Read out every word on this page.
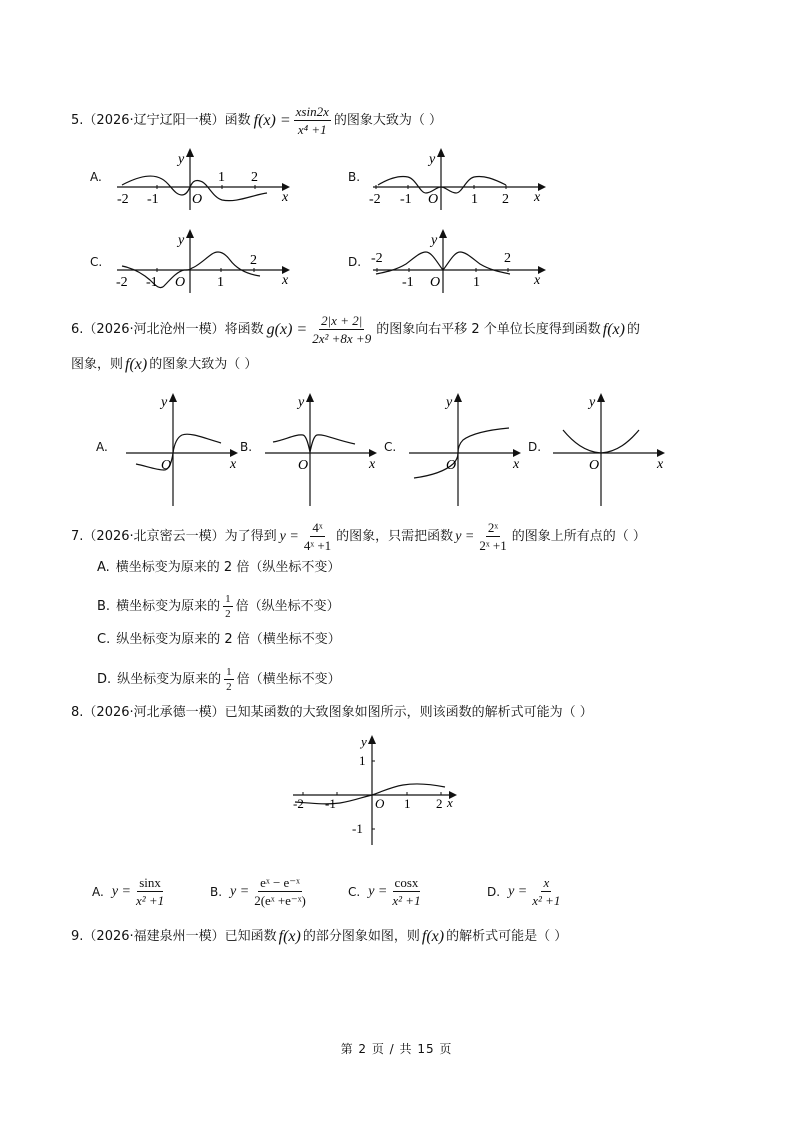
5 . （2026·辽宁辽阳一模） 函数 $f(x) = \frac{xsin2x}{\text{x⁴ +1}}$ 的图象大致为（ ）
A.
-2 -1 O
1 2
x
y
B.
-2 -1 O 1 2 x
y
C.
-2 -1 O 1
2
x
y
D. -2
-1 O 1
2
x
y
6 . （2026·河北沧州一模） 将函数 $g(x) = \frac{2|x + 2|}{\text{2x² +8x +9}}$ 的图象向右平移 2 个单位长度得到函数 f(x) 的
图象，则 f(x) 的图象大致为（ ）
A.
O	x
y
B.
O	x
y
C.
O	x
y
D.
O	x
y
7 . （2026·北京密云一模） 为了得到 $y = \frac{\text{4ˣ}}{\text{4ˣ +1}}$ 的图象，只需把函数 $y = \frac{\text{2ˣ}}{\text{2ˣ +1}}$ 的图象上所有点的（ ）
A. 横坐标变为原来的 2 倍（纵坐标不变）
B. 横坐标变为原来的 $\frac{1}{2}$ 倍（纵坐标不变）
C. 纵坐标变为原来的 2 倍（横坐标不变）
D. 纵坐标变为原来的 $\frac{1}{2}$ 倍（横坐标不变）
8 . （2026·河北承德一模） 已知某函数的大致图象如图所示，则该函数的解析式可能为（ ）
-2 -1	O 1 2 x
y
1
-1
A. $y = \frac{\sin x}{\text{x² +1}}$	B. $y = \frac{\text{eˣ − e⁻ˣ}}{\text{2(eˣ +e⁻ˣ)}}$	C. $y = \frac{\cos x}{\text{x² +1}}$	D. $y = \frac{x}{\text{x² +1}}$
9 . （2026·福建泉州一模） 已知函数 f(x) 的部分图象如图，则 f(x) 的解析式可能是（ ）
第 2 页 / 共 15 页
